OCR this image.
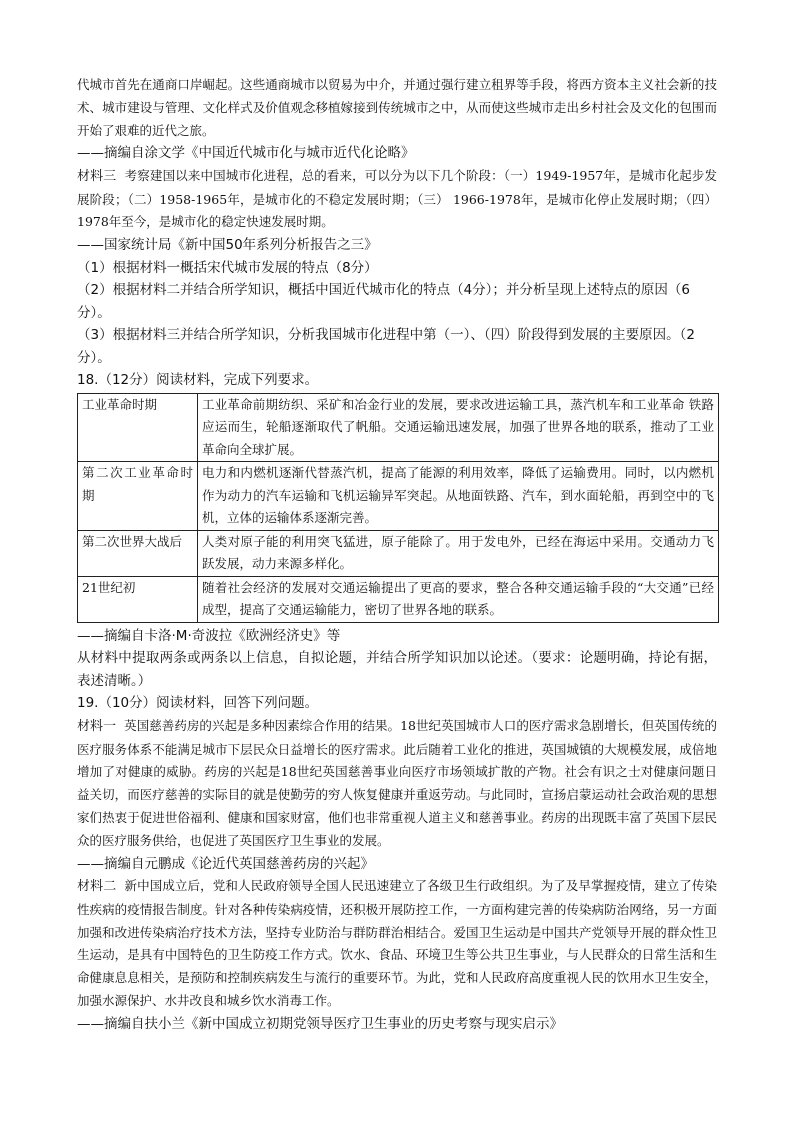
代城市首先在通商口岸崛起。这些通商城市以贸易为中介，并通过强行建立租界等手段，将西方资本主义社会新的技术、城市建设与管理、文化样式及价值观念移植嫁接到传统城市之中，从而使这些城市走出乡村社会及文化的包围而开始了艰难的近代之旅。

——摘编自涂文学《中国近代城市化与城市近代化论略》

材料三 考察建国以来中国城市化进程，总的看来，可以分为以下几个阶段：（一）1949-1957年，是城市化起步发展阶段；（二）1958-1965年，是城市化的不稳定发展时期；（三） 1966-1978年，是城市化停止发展时期；（四）1978年至今，是城市化的稳定快速发展时期。

——国家统计局《新中国50年系列分析报告之三》

（1）根据材料一概括宋代城市发展的特点（8分）

（2）根据材料二并结合所学知识，概括中国近代城市化的特点（4分）；并分析呈现上述特点的原因（6分）。

（3）根据材料三并结合所学知识，分析我国城市化进程中第（一）、（四）阶段得到发展的主要原因。（2分）。

18.（12分）阅读材料，完成下列要求。

工业革命时期	工业革命前期纺织、采矿和冶金行业的发展，要求改进运输工具，蒸汽机车和工业革命 铁路应运而生，轮船逐渐取代了帆船。交通运输迅速发展，加强了世界各地的联系，推动了工业革命向全球扩展。
第二次工业革命时期	电力和内燃机逐渐代替蒸汽机，提高了能源的利用效率，降低了运输费用。同时，以内燃机作为动力的汽车运输和飞机运输异军突起。从地面铁路、汽车，到水面轮船，再到空中的飞机，立体的运输体系逐渐完善。
第二次世界大战后	人类对原子能的利用突飞猛进，原子能除了。用于发电外，已经在海运中采用。交通动力飞跃发展，动力来源多样化。
21世纪初	随着社会经济的发展对交通运输提出了更高的要求，整合各种交通运输手段的“大交通”已经成型，提高了交通运输能力，密切了世界各地的联系。

——摘编自卡洛·M·奇波拉《欧洲经济史》等

从材料中提取两条或两条以上信息，自拟论题，并结合所学知识加以论述。（要求：论题明确，持论有据，表述清晰。）

19.（10分）阅读材料，回答下列问题。

材料一 英国慈善药房的兴起是多种因素综合作用的结果。18世纪英国城市人口的医疗需求急剧增长，但英国传统的医疗服务体系不能满足城市下层民众日益增长的医疗需求。此后随着工业化的推进，英国城镇的大规模发展，成倍地增加了对健康的威胁。药房的兴起是18世纪英国慈善事业向医疗市场领域扩散的产物。社会有识之士对健康问题日益关切，而医疗慈善的实际目的就是使勤劳的穷人恢复健康并重返劳动。与此同时，宣扬启蒙运动社会政治观的思想家们热衷于促进世俗福利、健康和国家财富，他们也非常重视人道主义和慈善事业。药房的出现既丰富了英国下层民众的医疗服务供给，也促进了英国医疗卫生事业的发展。

——摘编自元鹏成《论近代英国慈善药房的兴起》

材料二 新中国成立后，党和人民政府领导全国人民迅速建立了各级卫生行政组织。为了及早掌握疫情，建立了传染性疾病的疫情报告制度。针对各种传染病疫情，还积极开展防控工作，一方面构建完善的传染病防治网络，另一方面加强和改进传染病治疗技术方法，坚持专业防治与群防群治相结合。爱国卫生运动是中国共产党领导开展的群众性卫生运动，是具有中国特色的卫生防疫工作方式。饮水、食品、环境卫生等公共卫生事业，与人民群众的日常生活和生命健康息息相关，是预防和控制疾病发生与流行的重要环节。为此，党和人民政府高度重视人民的饮用水卫生安全，加强水源保护、水井改良和城乡饮水消毒工作。

——摘编自扶小兰《新中国成立初期党领导医疗卫生事业的历史考察与现实启示》
